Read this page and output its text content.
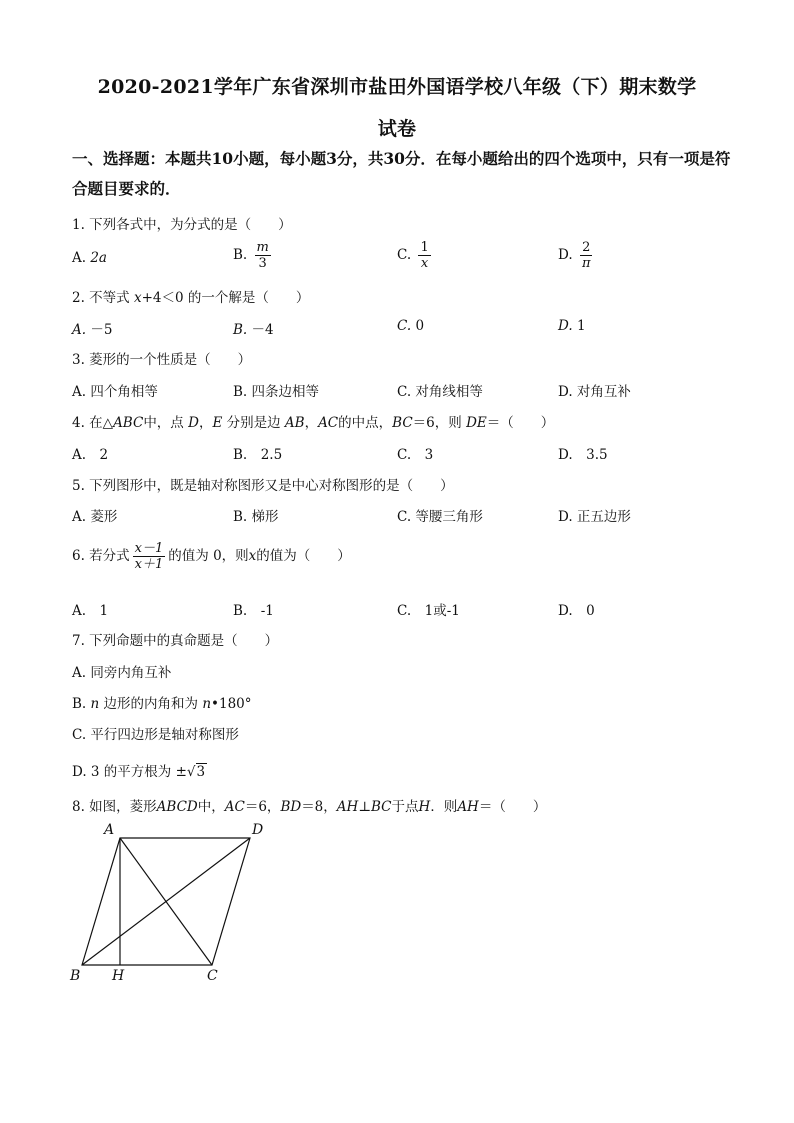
2020-2021学年广东省深圳市盐田外国语学校八年级（下）期末数学
试卷
一、选择题：本题共10小题，每小题3分，共30分．在每小题给出的四个选项中，只有一项是符合题目要求的．
1. 下列各式中，为分式的是（　　）
A. 2a	B. $\frac{m}{3}$	C. $\frac{1}{x}$	D. $\frac{2}{\pi}$
2. 不等式 x+4＜0 的一个解是（　　）
A. －5	B. －4	C. 0	D. 1
3. 菱形的一个性质是（　　）
A. 四个角相等	B. 四条边相等	C. 对角线相等	D. 对角互补
4. 在△ABC中，点 D，E 分别是边 AB，AC的中点，BC＝6，则 DE＝（　　）
A.　2	B.　2.5	C.　3	D.　3.5
5. 下列图形中，既是轴对称图形又是中心对称图形的是（　　）
A. 菱形	B. 梯形	C. 等腰三角形	D. 正五边形
6. 若分式 $\frac{x-1}{x+1}$ 的值为 0，则x的值为（　　）
A.　1	B.　-1	C.　1或-1	D.　0
7. 下列命题中的真命题是（　　）
A. 同旁内角互补
B. n 边形的内角和为 n•180°
C. 平行四边形是轴对称图形
D. 3 的平方根为 ±√3
8. 如图，菱形ABCD中，AC＝6，BD＝8，AH⊥BC于点H．则AH＝（　　）
A	D
B H	C
